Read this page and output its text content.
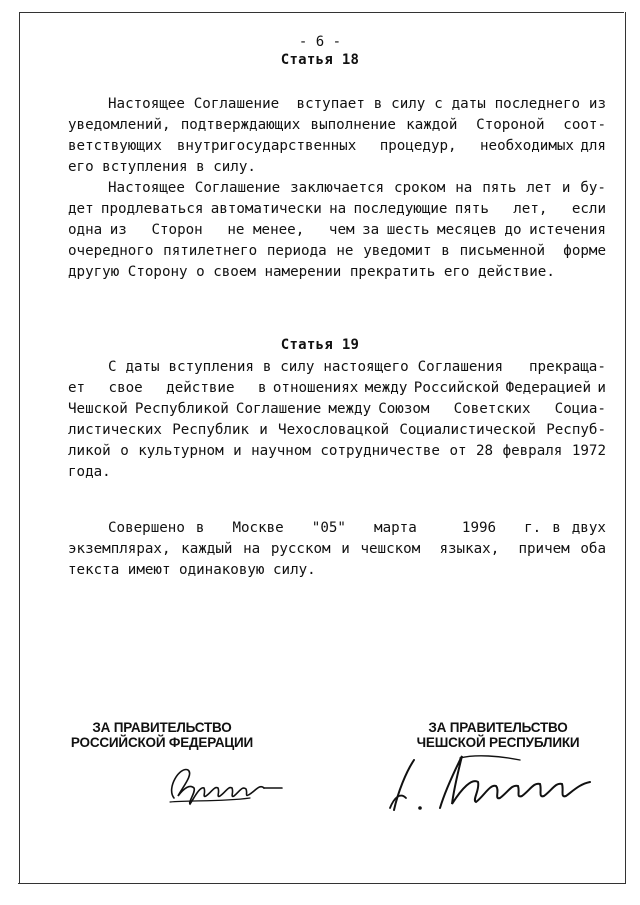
- 6 -
Статья 18
Настоящее Соглашение вступает в силу с даты последнего из
уведомлений, подтверждающих выполнение каждой Стороной соот-
ветствующих внутригосударственных процедур, необходимых для
его вступления в силу.
Настоящее Соглашение заключается сроком на пять лет и бу-
дет продлеваться автоматически на последующие пять лет, если
одна из Сторон не менее, чем за шесть месяцев до истечения
очередного пятилетнего периода не уведомит в письменной форме
другую Сторону о своем намерении прекратить его действие.
Статья 19
С даты вступления в силу настоящего Соглашения прекраща-
ет свое действие в отношениях между Российской Федерацией и
Чешской Республикой Соглашение между Союзом Советских Социа-
листических Республик и Чехословацкой Социалистической Респуб-
ликой о культурном и научном сотрудничестве от 28 февраля 1972
года.
Совершено в Москве "05" марта 1996 г. в двух
экземплярах, каждый на русском и чешском языках, причем оба
текста имеют одинаковую силу.
ЗА ПРАВИТЕЛЬСТВО
РОССИЙСКОЙ ФЕДЕРАЦИИ
ЗА ПРАВИТЕЛЬСТВО
ЧЕШСКОЙ РЕСПУБЛИКИ
